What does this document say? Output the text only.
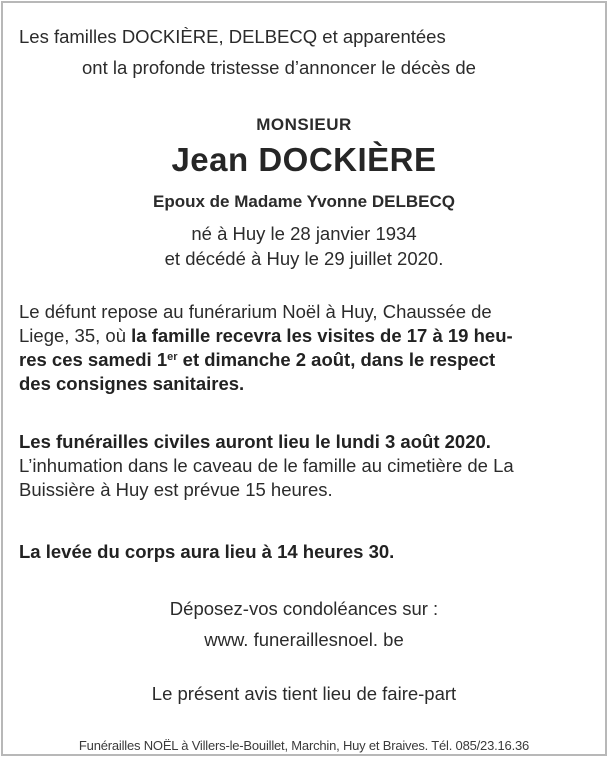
Les familles DOCKIÈRE, DELBECQ et apparentées
ont la profonde tristesse d’annoncer le décès de
MONSIEUR
Jean DOCKIÈRE
Epoux de Madame Yvonne DELBECQ
né à Huy le 28 janvier 1934
et décédé à Huy le 29 juillet 2020.
Le défunt repose au funérarium Noël à Huy, Chaussée de
Liege, 35, où la famille recevra les visites de 17 à 19 heu-
res ces samedi 1er et dimanche 2 août, dans le respect
des consignes sanitaires.
Les funérailles civiles auront lieu le lundi 3 août 2020.
L’inhumation dans le caveau de le famille au cimetière de La
Buissière à Huy est prévue 15 heures.
La levée du corps aura lieu à 14 heures 30.
Déposez-vos condoléances sur :
www. funeraillesnoel. be
Le présent avis tient lieu de faire-part
Funérailles NOËL à Villers-le-Bouillet, Marchin, Huy et Braives. Tél. 085/23.16.36
